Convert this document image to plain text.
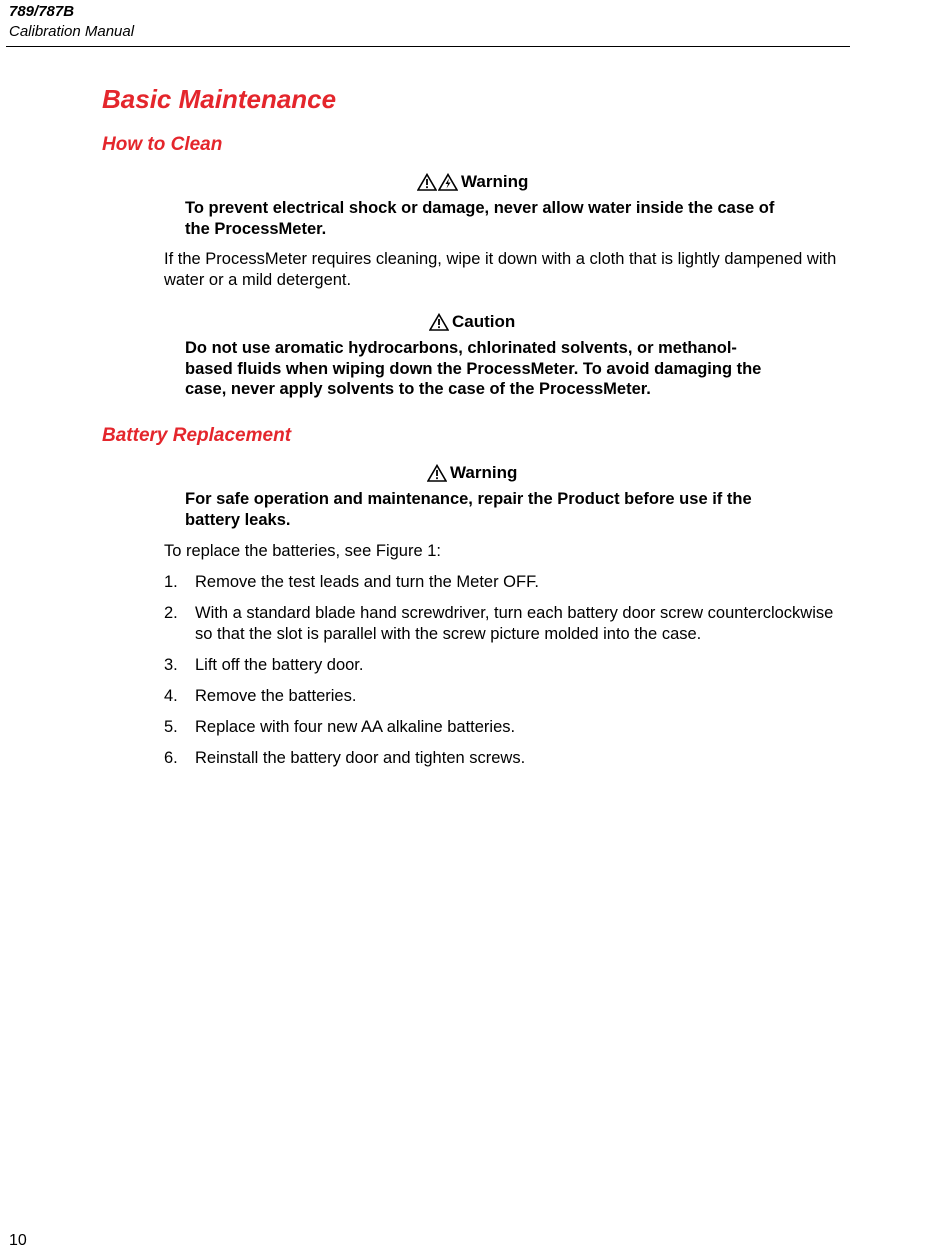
789/787B
Calibration Manual
Basic Maintenance
How to Clean
Warning

To prevent electrical shock or damage, never allow water inside the case of the ProcessMeter.

If the ProcessMeter requires cleaning, wipe it down with a cloth that is lightly dampened with water or a mild detergent.

Caution

Do not use aromatic hydrocarbons, chlorinated solvents, or methanol-based fluids when wiping down the ProcessMeter. To avoid damaging the case, never apply solvents to the case of the ProcessMeter.

Battery Replacement
Warning

For safe operation and maintenance, repair the Product before use if the battery leaks.

To replace the batteries, see Figure 1:

1.	Remove the test leads and turn the Meter OFF.
2.	With a standard blade hand screwdriver, turn each battery door screw counterclockwise so that the slot is parallel with the screw picture molded into the case.
3.	Lift off the battery door.
4.	Remove the batteries.
5.	Replace with four new AA alkaline batteries.
6.	Reinstall the battery door and tighten screws.
10
